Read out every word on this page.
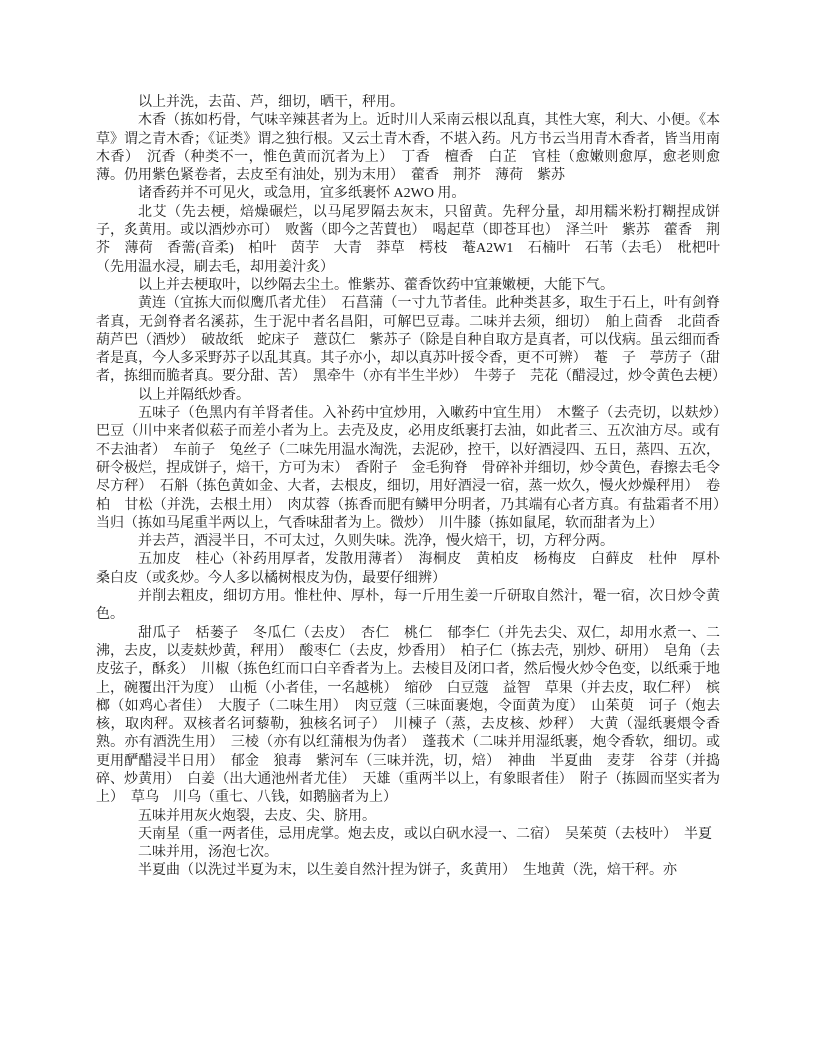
以上并洗，去苗、芦，细切，晒干，秤用。

木香（拣如朽骨，气味辛辣甚者为上。近时川人采南云根以乱真，其性大寒，利大、小便。《本草》谓之青木香；《证类》谓之独行根。又云土青木香，不堪入药。凡方书云当用青木香者，皆当用南木香）　沉香（种类不一，惟色黄而沉者为上）　丁香　檀香　白芷　官桂（愈嫩则愈厚，愈老则愈薄。仍用紫色紧卷者，去皮至有油处，别为末用）　藿香　荆芥　薄荷　紫苏

诸香药并不可见火，或急用，宜多纸裹怀 A2WO 用。

北艾（先去梗，焙燥碾烂，以马尾罗隔去灰末，只留黄。先秤分量，却用糯米粉打糊捏成饼子，炙黄用。或以酒炒亦可）　败酱（即今之苦蕒也）　喝起草（即苍耳也）　泽兰叶　紫苏　藿香　荆芥　薄荷　香薷(音柔)　柏叶　茵芋　大青　莽草　樗枝　菴A2W1　石楠叶　石苇（去毛）　枇杷叶（先用温水浸，刷去毛，却用姜汁炙）

以上并去梗取叶，以纱隔去尘土。惟紫苏、藿香饮药中宜兼嫩梗，大能下气。

黄连（宜拣大而似鹰爪者尤佳）　石菖蒲（一寸九节者佳。此种类甚多，取生于石上，叶有剑脊者真，无剑脊者名溪荪，生于泥中者名昌阳，可解巴豆毒。二味并去须，细切）　舶上茴香　北茴香　葫芦巴（酒炒）　破故纸　蛇床子　薏苡仁　紫苏子（除是自种自取方是真者，可以伐病。虽云细而香者是真，今人多采野苏子以乱其真。其子亦小，却以真苏叶挼令香，更不可辨）　菴　子　葶苈子（甜者，拣细而脆者真。要分甜、苦）　黑牵牛（亦有半生半炒）　牛蒡子　芫花（醋浸过，炒令黄色去梗）

以上并隔纸炒香。

五味子（色黑内有羊肾者佳。入补药中宜炒用，入嗽药中宜生用）　木鳖子（去壳切，以麸炒）　巴豆（川中来者似菘子而差小者为上。去壳及皮，必用皮纸裹打去油，如此者三、五次油方尽。或有不去油者）　车前子　兔丝子（二味先用温水淘洗，去泥砂，控干，以好酒浸四、五日，蒸四、五次，研令极烂，捏成饼子，焙干，方可为末）　香附子　金毛狗脊　骨碎补并细切，炒令黄色，舂擦去毛令尽方秤）　石斛（拣色黄如金、大者，去根皮，细切，用好酒浸一宿，蒸一炊久，慢火炒燥秤用）　卷柏　甘松（并洗，去根土用）　肉苁蓉（拣香而肥有鳞甲分明者，乃其端有心者方真。有盐霜者不用）　当归（拣如马尾重半两以上，气香味甜者为上。微炒）　川牛膝（拣如鼠尾，软而甜者为上）

并去芦，酒浸半日，不可太过，久则失味。洗净，慢火焙干，切，方秤分两。

五加皮　桂心（补药用厚者，发散用薄者）　海桐皮　黄柏皮　杨梅皮　白藓皮　杜仲　厚朴　桑白皮（或炙炒。今人多以橘树根皮为伪，最要仔细辨）

并削去粗皮，细切方用。惟杜仲、厚朴，每一斤用生姜一斤研取自然汁，罨一宿，次日炒令黄色。

甜瓜子　栝蒌子　冬瓜仁（去皮）　杏仁　桃仁　郁李仁（并先去尖、双仁，却用水煮一、二沸，去皮，以麦麸炒黄，秤用）　酸枣仁（去皮，炒香用）　柏子仁（拣去壳，别炒、研用）　皂角（去皮弦子，酥炙）　川椒（拣色红而口白辛香者为上。去棱目及闭口者，然后慢火炒令色变，以纸乘于地上，碗覆出汗为度）　山栀（小者佳，一名越桃）　缩砂　白豆蔻　益智　草果（并去皮，取仁秤）　槟榔（如鸡心者佳）　大腹子（二味生用）　肉豆蔻（三味面裹炮，令面黄为度）　山茱萸　诃子（炮去核，取肉秤。双核者名诃藜勒，独核名诃子）　川楝子（蒸，去皮核、炒秤）　大黄（湿纸裹煨令香熟。亦有酒洗生用）　三棱（亦有以红蒲根为伪者）　蓬莪术（二味并用湿纸裹，炮令香软，细切。或更用酽醋浸半日用）　郁金　狼毒　紫河车（三味并洗，切，焙）　神曲　半夏曲　麦芽　谷芽（并捣碎、炒黄用）　白姜（出大通池州者尤佳）　天雄（重两半以上，有象眼者佳）　附子（拣圆而坚实者为上）　草乌　川乌（重七、八钱，如鹅脑者为上）

五味并用灰火炮裂，去皮、尖、脐用。

天南星（重一两者佳，忌用虎掌。炮去皮，或以白矾水浸一、二宿）　吴茱萸（去枝叶）　半夏

二味并用，汤泡七次。

半夏曲（以洗过半夏为末，以生姜自然汁捏为饼子，炙黄用）　生地黄（洗，焙干秤。亦
